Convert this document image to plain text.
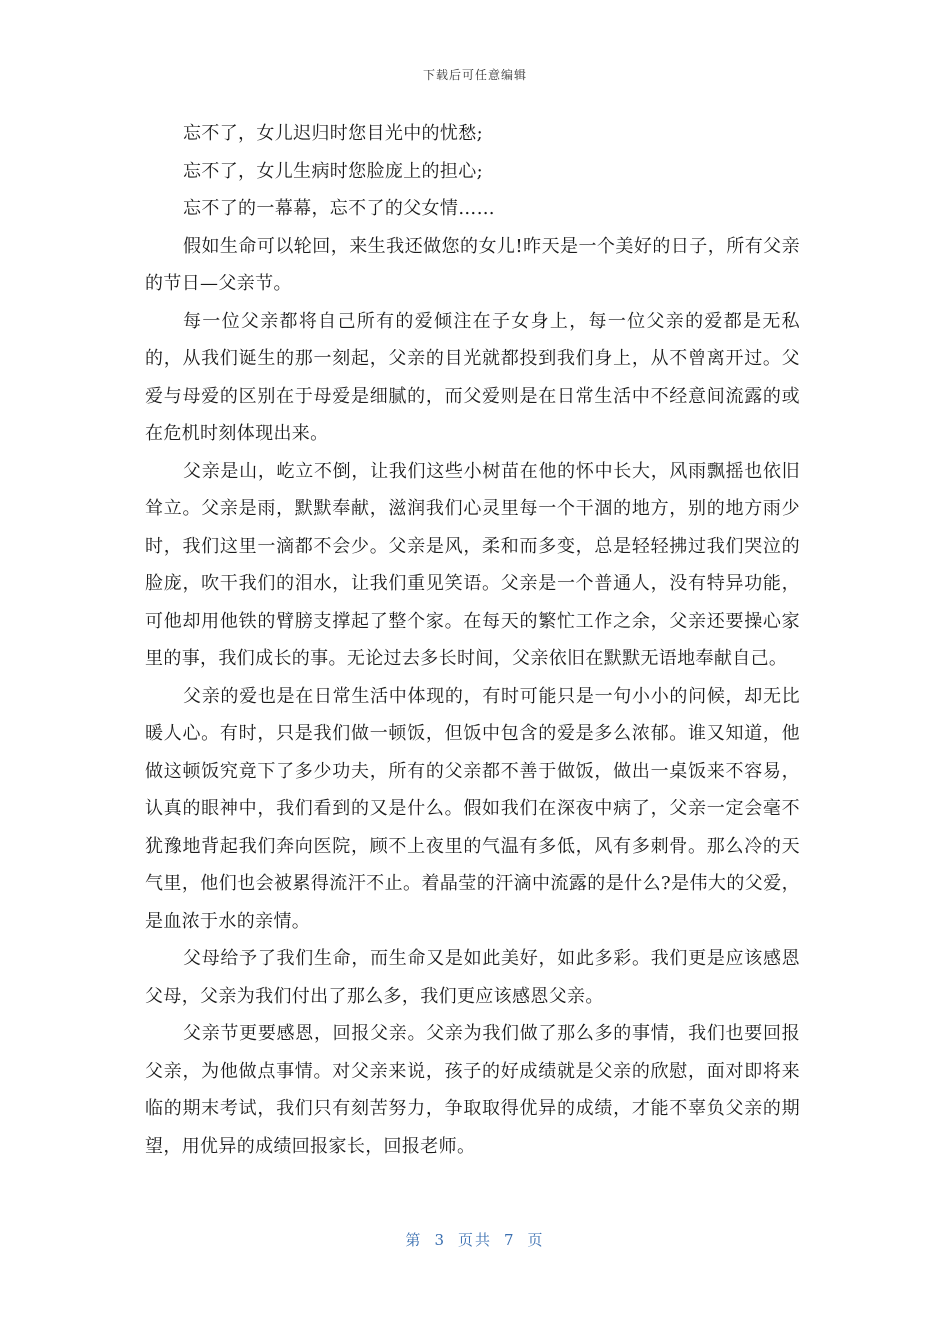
下载后可任意编辑

忘不了，女儿迟归时您目光中的忧愁;

忘不了，女儿生病时您脸庞上的担心;

忘不了的一幕幕，忘不了的父女情……

假如生命可以轮回，来生我还做您的女儿!昨天是一个美好的日子，所有父亲的节日—父亲节。

每一位父亲都将自己所有的爱倾注在子女身上，每一位父亲的爱都是无私的，从我们诞生的那一刻起，父亲的目光就都投到我们身上，从不曾离开过。父爱与母爱的区别在于母爱是细腻的，而父爱则是在日常生活中不经意间流露的或在危机时刻体现出来。

父亲是山，屹立不倒，让我们这些小树苗在他的怀中长大，风雨飘摇也依旧耸立。父亲是雨，默默奉献，滋润我们心灵里每一个干涸的地方，别的地方雨少时，我们这里一滴都不会少。父亲是风，柔和而多变，总是轻轻拂过我们哭泣的脸庞，吹干我们的泪水，让我们重见笑语。父亲是一个普通人，没有特异功能，可他却用他铁的臂膀支撑起了整个家。在每天的繁忙工作之余，父亲还要操心家里的事，我们成长的事。无论过去多长时间，父亲依旧在默默无语地奉献自己。

父亲的爱也是在日常生活中体现的，有时可能只是一句小小的问候，却无比暖人心。有时，只是我们做一顿饭，但饭中包含的爱是多么浓郁。谁又知道，他做这顿饭究竟下了多少功夫，所有的父亲都不善于做饭，做出一桌饭来不容易，认真的眼神中，我们看到的又是什么。假如我们在深夜中病了，父亲一定会毫不犹豫地背起我们奔向医院，顾不上夜里的气温有多低，风有多刺骨。那么冷的天气里，他们也会被累得流汗不止。着晶莹的汗滴中流露的是什么?是伟大的父爱，是血浓于水的亲情。

父母给予了我们生命，而生命又是如此美好，如此多彩。我们更是应该感恩父母，父亲为我们付出了那么多，我们更应该感恩父亲。

父亲节更要感恩，回报父亲。父亲为我们做了那么多的事情，我们也要回报父亲，为他做点事情。对父亲来说，孩子的好成绩就是父亲的欣慰，面对即将来临的期末考试，我们只有刻苦努力，争取取得优异的成绩，才能不辜负父亲的期望，用优异的成绩回报家长，回报老师。

第 3 页共 7 页
